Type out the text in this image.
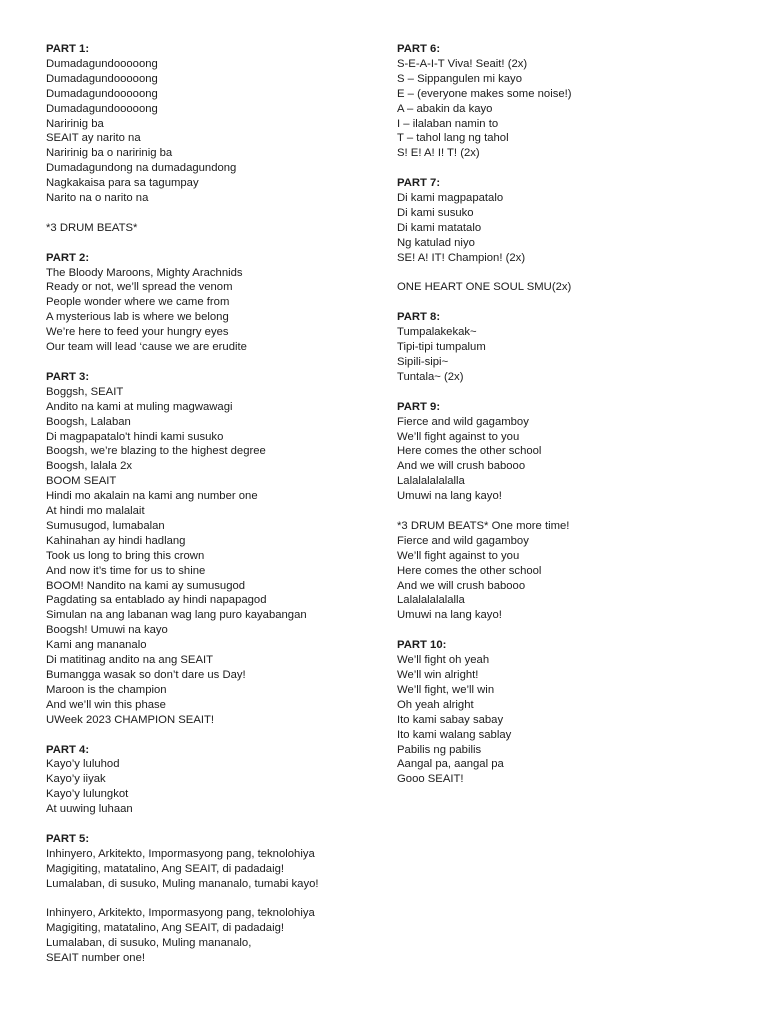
PART 1:
Dumadagundooooong
Dumadagundooooong
Dumadagundooooong
Dumadagundooooong
Naririnig ba
SEAIT ay narito na
Naririnig ba o naririnig ba
Dumadagundong na dumadagundong
Nagkakaisa para sa tagumpay
Narito na o narito na
*3 DRUM BEATS*
PART 2:
The Bloody Maroons, Mighty Arachnids
Ready or not, we’ll spread the venom
People wonder where we came from
A mysterious lab is where we belong
We’re here to feed your hungry eyes
Our team will lead ‘cause we are erudite
PART 3:
Boggsh, SEAIT
Andito na kami at muling magwawagi
Boogsh, Lalaban
Di magpapatalo't hindi kami susuko
Boogsh, we’re blazing to the highest degree
Boogsh, lalala 2x
BOOM SEAIT
Hindi mo akalain na kami ang number one
At hindi mo malalait
Sumusugod, lumabalan
Kahinahan ay hindi hadlang
Took us long to bring this crown
And now it’s time for us to shine
BOOM! Nandito na kami ay sumusugod
Pagdating sa entablado ay hindi napapagod
Simulan na ang labanan wag lang puro kayabangan
Boogsh! Umuwi na kayo
Kami ang mananalo
Di matitinag andito na ang SEAIT
Bumangga wasak so don’t dare us Day!
Maroon is the champion
And we’ll win this phase
UWeek 2023 CHAMPION SEAIT!
PART 4:
Kayo’y luluhod
Kayo’y iiyak
Kayo’y lulungkot
At uuwing luhaan
PART 5:
Inhinyero, Arkitekto, Impormasyong pang, teknolohiya
Magigiting, matatalino, Ang SEAIT, di padadaig!
Lumalaban, di susuko, Muling mananalo, tumabi kayo!
Inhinyero, Arkitekto, Impormasyong pang, teknolohiya
Magigiting, matatalino, Ang SEAIT, di padadaig!
Lumalaban, di susuko, Muling mananalo,
SEAIT number one!
PART 6:
S-E-A-I-T Viva! Seait! (2x)
S – Sippangulen mi kayo
E – (everyone makes some noise!)
A – abakin da kayo
I – ilalaban namin to
T – tahol lang ng tahol
S! E! A! I! T! (2x)
PART 7:
Di kami magpapatalo
Di kami susuko
Di kami matatalo
Ng katulad niyo
SE! A! IT! Champion! (2x)
ONE HEART ONE SOUL SMU(2x)
PART 8:
Tumpalakekak~
Tipi-tipi tumpalum
Sipili-sipi~
Tuntala~ (2x)
PART 9:
Fierce and wild gagamboy
We’ll fight against to you
Here comes the other school
And we will crush babooo
Lalalalalalalla
Umuwi na lang kayo!
*3 DRUM BEATS* One more time!
Fierce and wild gagamboy
We’ll fight against to you
Here comes the other school
And we will crush babooo
Lalalalalalalla
Umuwi na lang kayo!
PART 10:
We’ll fight oh yeah
We’ll win alright!
We’ll fight, we’ll win
Oh yeah alright
Ito kami sabay sabay
Ito kami walang sablay
Pabilis ng pabilis
Aangal pa, aangal pa
Gooo SEAIT!
